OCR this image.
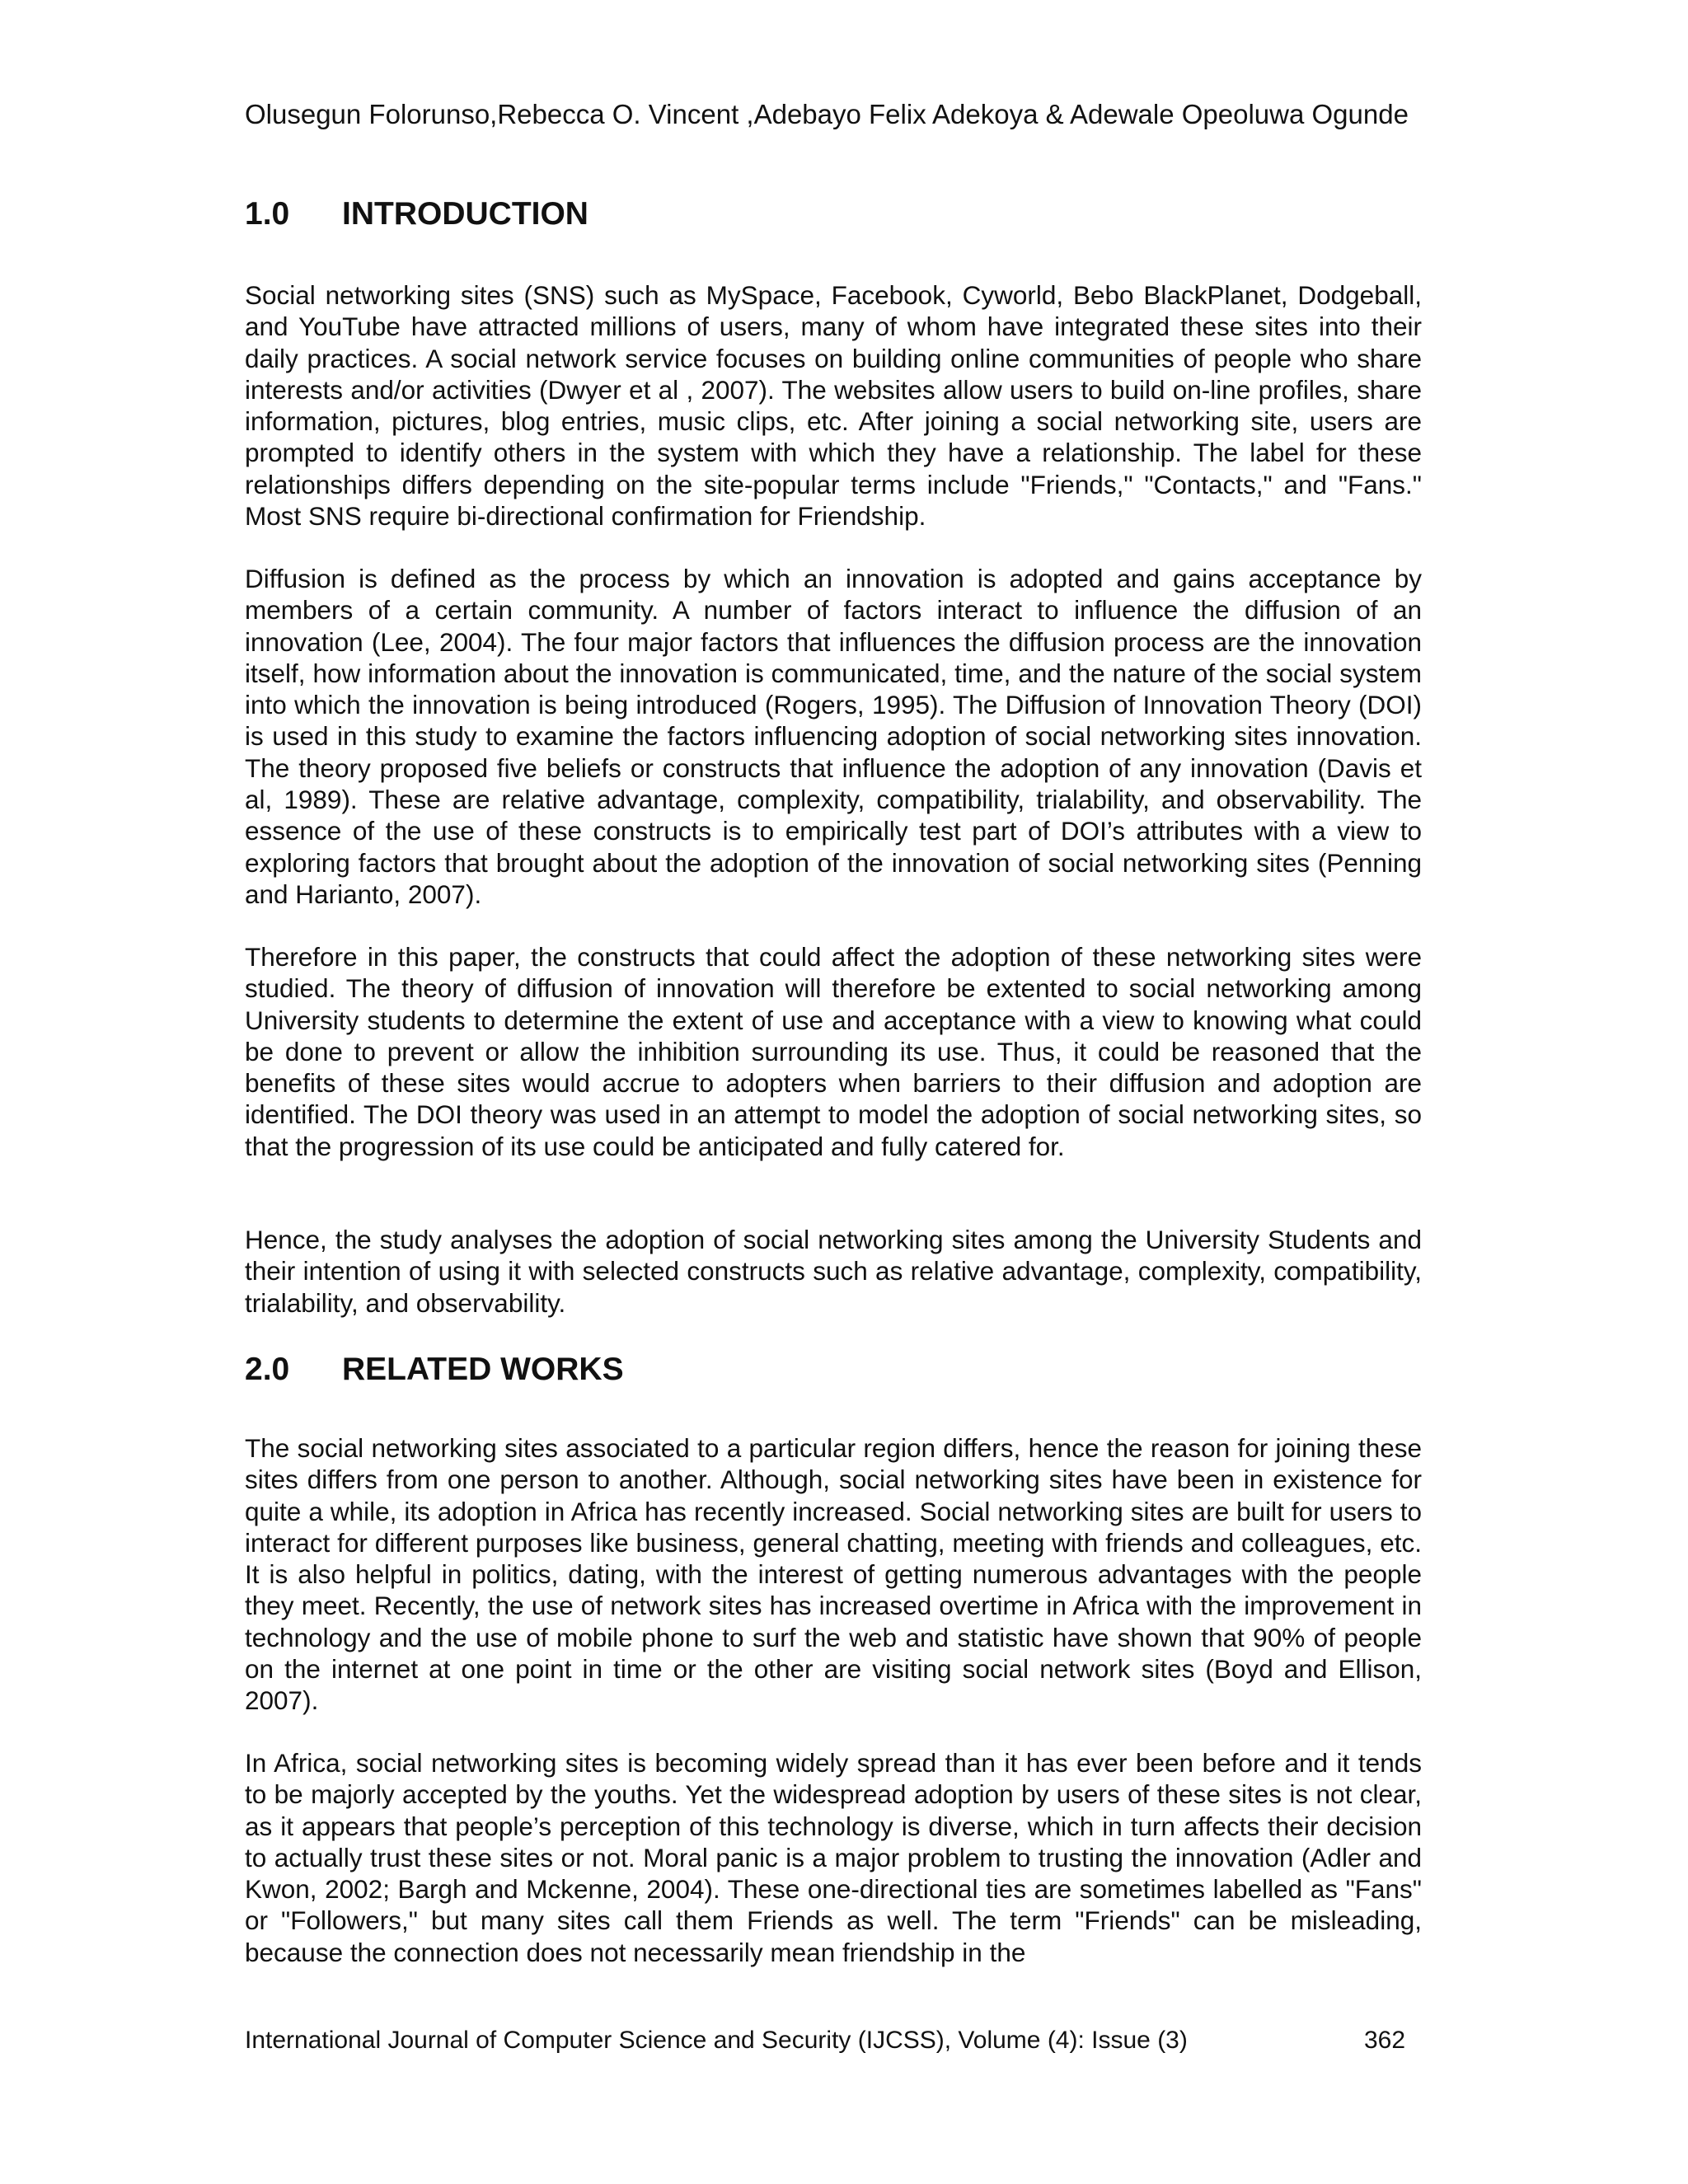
Olusegun Folorunso,Rebecca O. Vincent ,Adebayo Felix Adekoya & Adewale Opeoluwa Ogunde
1.0 INTRODUCTION

Social networking sites (SNS) such as MySpace, Facebook, Cyworld, Bebo BlackPlanet, Dodgeball, and YouTube have attracted millions of users, many of whom have integrated these sites into their daily practices. A social network service focuses on building online communities of people who share interests and/or activities (Dwyer et al , 2007). The websites allow users to build on-line profiles, share information, pictures, blog entries, music clips, etc. After joining a social networking site, users are prompted to identify others in the system with which they have a relationship. The label for these relationships differs depending on the site-popular terms include "Friends," "Contacts," and "Fans." Most SNS require bi-directional confirmation for Friendship.

Diffusion is defined as the process by which an innovation is adopted and gains acceptance by members of a certain community. A number of factors interact to influence the diffusion of an innovation (Lee, 2004). The four major factors that influences the diffusion process are the innovation itself, how information about the innovation is communicated, time, and the nature of the social system into which the innovation is being introduced (Rogers, 1995). The Diffusion of Innovation Theory (DOI) is used in this study to examine the factors influencing adoption of social networking sites innovation. The theory proposed five beliefs or constructs that influence the adoption of any innovation (Davis et al, 1989). These are relative advantage, complexity, compatibility, trialability, and observability. The essence of the use of these constructs is to empirically test part of DOI’s attributes with a view to exploring factors that brought about the adoption of the innovation of social networking sites (Penning and Harianto, 2007).

Therefore in this paper, the constructs that could affect the adoption of these networking sites were studied. The theory of diffusion of innovation will therefore be extented to social networking among University students to determine the extent of use and acceptance with a view to knowing what could be done to prevent or allow the inhibition surrounding its use. Thus, it could be reasoned that the benefits of these sites would accrue to adopters when barriers to their diffusion and adoption are identified. The DOI theory was used in an attempt to model the adoption of social networking sites, so that the progression of its use could be anticipated and fully catered for.

Hence, the study analyses the adoption of social networking sites among the University Students and their intention of using it with selected constructs such as relative advantage, complexity, compatibility, trialability, and observability.

2.0 RELATED WORKS

The social networking sites associated to a particular region differs, hence the reason for joining these sites differs from one person to another. Although, social networking sites have been in existence for quite a while, its adoption in Africa has recently increased. Social networking sites are built for users to interact for different purposes like business, general chatting, meeting with friends and colleagues, etc. It is also helpful in politics, dating, with the interest of getting numerous advantages with the people they meet. Recently, the use of network sites has increased overtime in Africa with the improvement in technology and the use of mobile phone to surf the web and statistic have shown that 90% of people on the internet at one point in time or the other are visiting social network sites (Boyd and Ellison, 2007).

In Africa, social networking sites is becoming widely spread than it has ever been before and it tends to be majorly accepted by the youths. Yet the widespread adoption by users of these sites is not clear, as it appears that people’s perception of this technology is diverse, which in turn affects their decision to actually trust these sites or not. Moral panic is a major problem to trusting the innovation (Adler and Kwon, 2002; Bargh and Mckenne, 2004). These one-directional ties are sometimes labelled as "Fans" or "Followers," but many sites call them Friends as well. The term "Friends" can be misleading, because the connection does not necessarily mean friendship in the

International Journal of Computer Science and Security (IJCSS), Volume (4): Issue (3)	362
